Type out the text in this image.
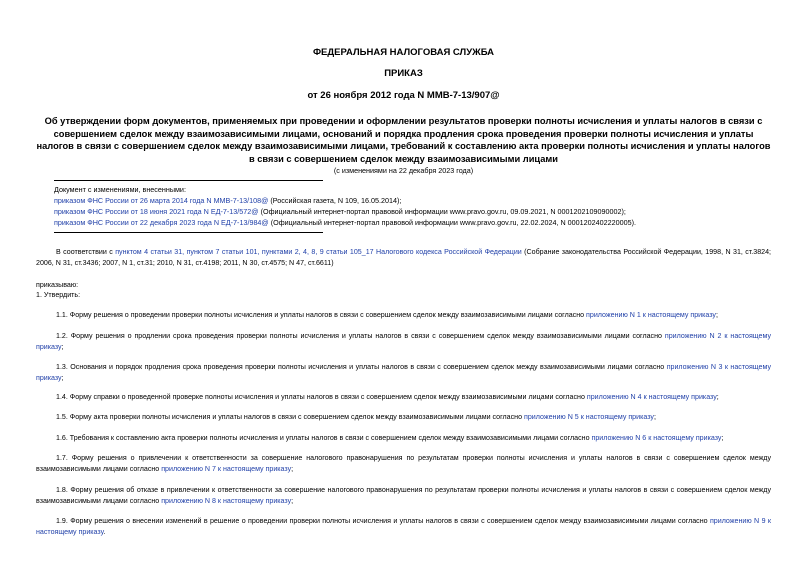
ФЕДЕРАЛЬНАЯ НАЛОГОВАЯ СЛУЖБА
ПРИКАЗ
от 26 ноября 2012 года N ММВ-7-13/907@
Об утверждении форм документов, применяемых при проведении и оформлении результатов проверки полноты исчисления и уплаты налогов в связи с совершением сделок между взаимозависимыми лицами, оснований и порядка продления срока проведения проверки полноты исчисления и уплаты налогов в связи с совершением сделок между взаимозависимыми лицами, требований к составлению акта проверки полноты исчисления и уплаты налогов в связи с совершением сделок между взаимозависимыми лицами
(с изменениями на 22 декабря 2023 года)
Документ с изменениями, внесенными:
приказом ФНС России от 26 марта 2014 года N ММВ-7-13/108@ (Российская газета, N 109, 16.05.2014);
приказом ФНС России от 18 июня 2021 года N ЕД-7-13/572@ (Официальный интернет-портал правовой информации www.pravo.gov.ru, 09.09.2021, N 0001202109090002);
приказом ФНС России от 22 декабря 2023 года N ЕД-7-13/984@ (Официальный интернет-портал правовой информации www.pravo.gov.ru, 22.02.2024, N 0001202402220005).
В соответствии с пунктом 4 статьи 31, пунктом 7 статьи 101, пунктами 2, 4, 8, 9 статьи 105_17 Налогового кодекса Российской Федерации (Собрание законодательства Российской Федерации, 1998, N 31, ст.3824; 2006, N 31, ст.3436; 2007, N 1, ст.31; 2010, N 31, ст.4198; 2011, N 30, ст.4575; N 47, ст.6611)
приказываю:
1. Утвердить:
1.1. Форму решения о проведении проверки полноты исчисления и уплаты налогов в связи с совершением сделок между взаимозависимыми лицами согласно приложению N 1 к настоящему приказу;
1.2. Форму решения о продлении срока проведения проверки полноты исчисления и уплаты налогов в связи с совершением сделок между взаимозависимыми лицами согласно приложению N 2 к настоящему приказу;
1.3. Основания и порядок продления срока проведения проверки полноты исчисления и уплаты налогов в связи с совершением сделок между взаимозависимыми лицами согласно приложению N 3 к настоящему приказу;
1.4. Форму справки о проведенной проверке полноты исчисления и уплаты налогов в связи с совершением сделок между взаимозависимыми лицами согласно приложению N 4 к настоящему приказу;
1.5. Форму акта проверки полноты исчисления и уплаты налогов в связи с совершением сделок между взаимозависимыми лицами согласно приложению N 5 к настоящему приказу;
1.6. Требования к составлению акта проверки полноты исчисления и уплаты налогов в связи с совершением сделок между взаимозависимыми лицами согласно приложению N 6 к настоящему приказу;
1.7. Форму решения о привлечении к ответственности за совершение налогового правонарушения по результатам проверки полноты исчисления и уплаты налогов в связи с совершением сделок между взаимозависимыми лицами согласно приложению N 7 к настоящему приказу;
1.8. Форму решения об отказе в привлечении к ответственности за совершение налогового правонарушения по результатам проверки полноты исчисления и уплаты налогов в связи с совершением сделок между взаимозависимыми лицами согласно приложению N 8 к настоящему приказу;
1.9. Форму решения о внесении изменений в решение о проведении проверки полноты исчисления и уплаты налогов в связи с совершением сделок между взаимозависимыми лицами согласно приложению N 9 к настоящему приказу.
